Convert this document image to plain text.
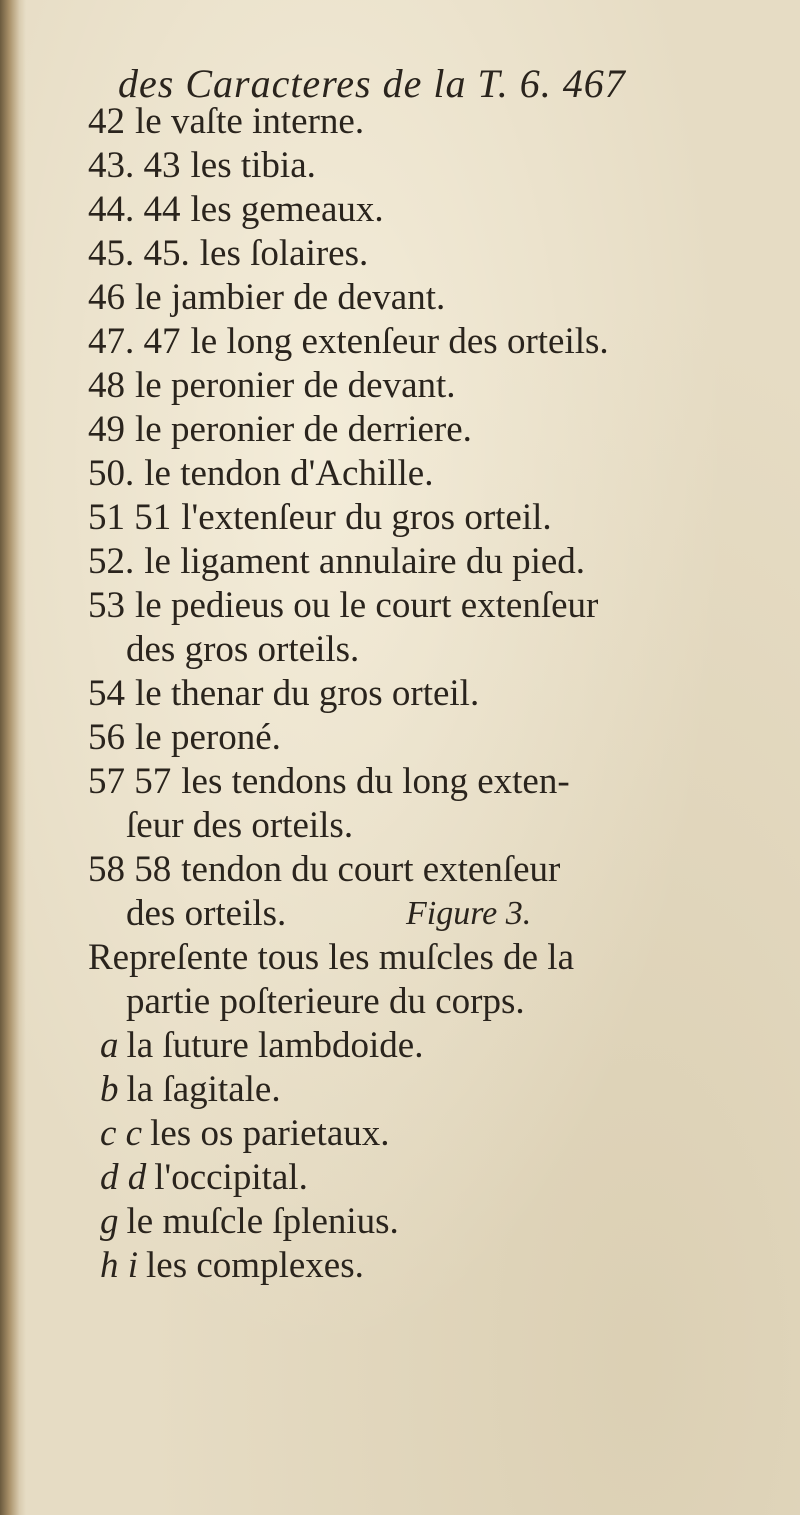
des Caracteres de la T. 6. 467
42 le vaſte interne.
43. 43 les tibia.
44. 44 les gemeaux.
45. 45. les ſolaires.
46 le jambier de devant.
47. 47 le long extenſeur des orteils.
48 le peronier de devant.
49 le peronier de derriere.
50. le tendon d'Achille.
51 51 l'extenſeur du gros orteil.
52. le ligament annulaire du pied.
53 le pedieus ou le court extenſeur
des gros orteils.
54 le thenar du gros orteil.
56 le peroné.
57 57 les tendons du long exten-
ſeur des orteils.
58 58 tendon du court extenſeur
des orteils.	Figure 3.
Repreſente tous les muſcles de la
partie poſterieure du corps.
a la ſuture lambdoide.
b la ſagitale.
c c les os parietaux.
d d l'occipital.
g le muſcle ſplenius.
h i les complexes.
